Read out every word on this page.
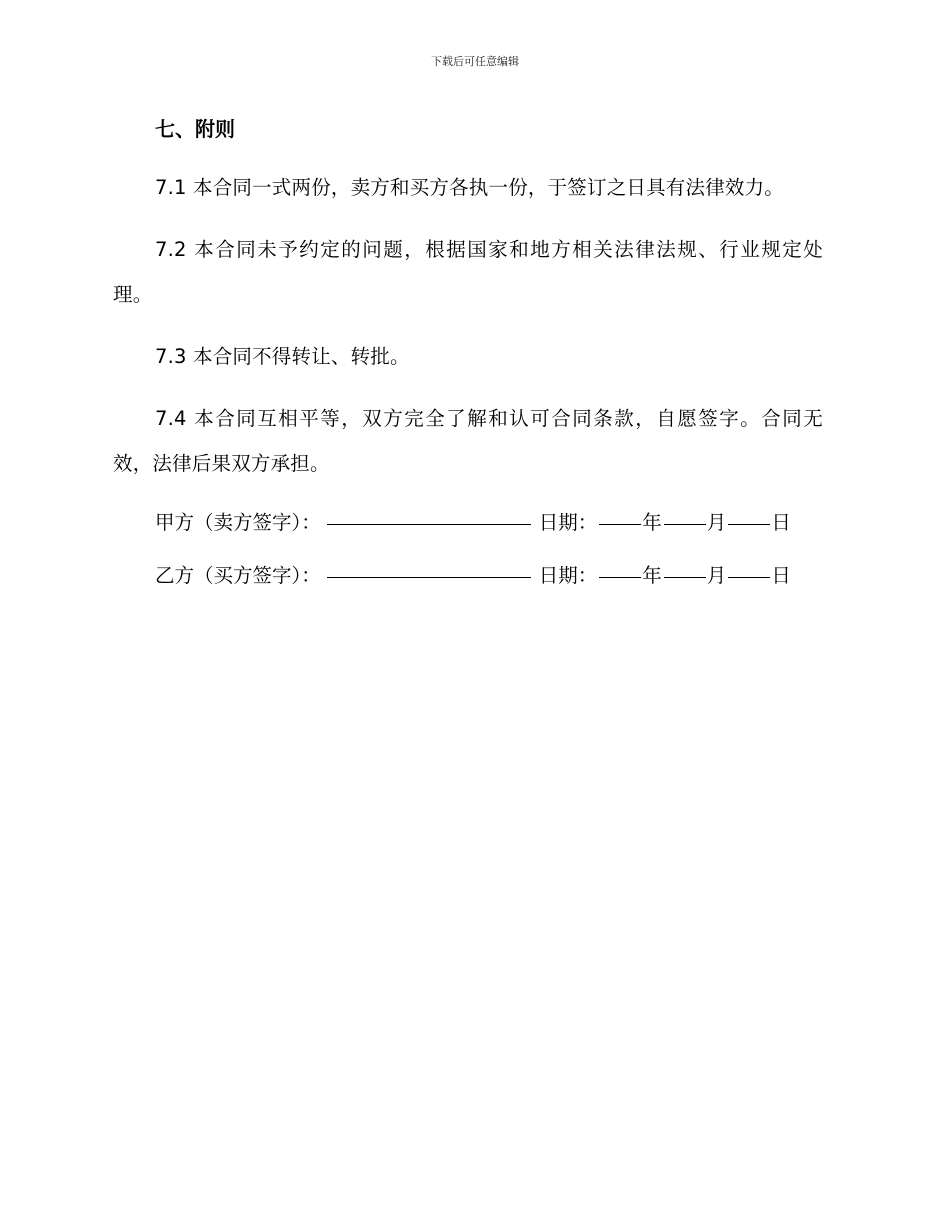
下载后可任意编辑
七、附则

7.1 本合同一式两份，卖方和买方各执一份，于签订之日具有法律效力。

7.2 本合同未予约定的问题，根据国家和地方相关法律法规、行业规定处理。

7.3 本合同不得转让、转批。

7.4 本合同互相平等，双方完全了解和认可合同条款，自愿签字。合同无效，法律后果双方承担。

甲方（卖方签字）：	日期： 年 月 日
乙方（买方签字）：	日期： 年 月 日
